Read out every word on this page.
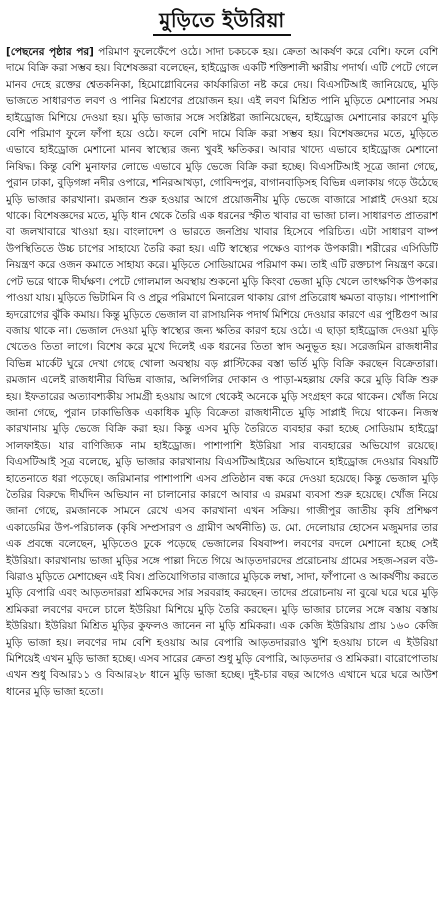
মুড়িতে ইউরিয়া

[পেছনের পৃষ্ঠার পর] পরিমাণ ফুলেফেঁপে ওঠে। সাদা চকচকে হয়। ক্রেতা আকর্ষণ করে বেশি। ফলে বেশি দামে বিক্রি করা সম্ভব হয়। বিশেষজ্ঞরা বলেছেন, হাইড্রোজ একটি শক্তিশালী ক্ষারীয় পদার্থ। এটি পেটে গেলে মানব দেহে রক্তের শ্বেতকনিকা, হিমোগ্লোবিনের কার্যকারিতা নষ্ট করে দেয়। বিএসটিআই জানিয়েছে, মুড়ি ভাজতে সাধারণত লবণ ও পানির মিশ্রণের প্রয়োজন হয়। এই লবণ মিশ্রিত পানি মুড়িতে মেশানোর সময় হাইড্রোজ মিশিয়ে দেওয়া হয়। মুড়ি ভাজার সঙ্গে সংশ্লিষ্টরা জানিয়েছেন, হাইড্রোজ মেশানোর কারণে মুড়ি বেশি পরিমাণ ফুলে ফাঁপা হয়ে ওঠে। ফলে বেশি দামে বিক্রি করা সম্ভব হয়। বিশেষজ্ঞদের মতে, মুড়িতে এভাবে হাইড্রোজ মেশানো মানব স্বাস্থ্যের জন্য খুবই ক্ষতিকর। আবার খাদ্যে এভাবে হাইড্রোজ মেশানো নিষিদ্ধ। কিন্তু বেশি মুনাফার লোভে এভাবে মুড়ি ভেজে বিক্রি করা হচ্ছে। বিএসটিআই সূত্রে জানা গেছে, পুরান ঢাকা, বুড়িগঙ্গা নদীর ওপারে, শনিরআখড়া, গোবিন্দপুর, বাগানবাড়িসহ বিভিন্ন এলাকায় গড়ে উঠেছে মুড়ি ভাজার কারখানা। রমজান শুরু হওয়ার আগে প্রয়োজনীয় মুড়ি ভেজে বাজারে সাপ্লাই দেওয়া হয়ে থাকে। বিশেষজ্ঞদের মতে, মুড়ি ধান থেকে তৈরি এক ধরনের স্ফীত খাবার বা ভাজা চাল। সাধারণত প্রাতরাশ বা জলখাবারে খাওয়া হয়। বাংলাদেশ ও ভারতে জনপ্রিয় খাবার হিসেবে পরিচিত। এটা সাধারণ বাষ্প উপস্থিতিতে উচ্চ চাপের সাহায্যে তৈরি করা হয়। এটি স্বাস্থ্যের পক্ষেও ব্যাপক উপকারী। শরীরের এসিডিটি নিয়ন্ত্রণ করে ওজন কমাতে সাহায্য করে। মুড়িতে সোডিয়ামের পরিমাণ কম। তাই এটি রক্তচাপ নিয়ন্ত্রণ করে। পেট ভরে থাকে দীর্ঘক্ষণ। পেটে গোলমাল অবস্থায় শুকনো মুড়ি কিংবা ভেজা মুড়ি খেলে তাৎক্ষণিক উপকার পাওয়া যায়। মুড়িতে ভিটামিন বি ও প্রচুর পরিমাণে মিনারেল থাকায় রোগ প্রতিরোধ ক্ষমতা বাড়ায়। পাশাপাশি হৃদরোগের ঝুঁকি কমায়। কিন্তু মুড়িতে ভেজাল বা রাসায়নিক পদার্থ মিশিয়ে দেওয়ার কারণে এর পুষ্টিগুণ আর বজায় থাকে না। ভেজাল দেওয়া মুড়ি স্বাস্থ্যের জন্য ক্ষতির কারণ হয়ে ওঠে। এ ছাড়া হাইড্রোজ দেওয়া মুড়ি খেতেও তিতা লাগে। বিশেষ করে মুখে দিলেই এক ধরনের তিতা স্বাদ অনুভূত হয়। সরেজমিন রাজধানীর বিভিন্ন মার্কেট ঘুরে দেখা গেছে খোলা অবস্থায় বড় প্লাস্টিকের বস্তা ভর্তি মুড়ি বিক্রি করছেন বিক্রেতারা। রমজান এলেই রাজধানীর বিভিন্ন বাজার, অলিগলির দোকান ও পাড়া-মহল্লায় ফেরি করে মুড়ি বিক্রি শুরু হয়। ইফতারের অত্যাবশ্যকীয় সামগ্রী হওয়ায় আগে থেকেই অনেকে মুড়ি সংগ্রহণ করে থাকেন। খোঁজ নিয়ে জানা গেছে, পুরান ঢাকাভিত্তিক একাধিক মুড়ি বিক্রেতা রাজধানীতে মুড়ি সাপ্লাই দিয়ে থাকেন। নিজস্ব কারখানায় মুড়ি ভেজে বিক্রি করা হয়। কিন্তু এসব মুড়ি তৈরিতে ব্যবহার করা হচ্ছে সোডিয়াম হাইড্রো সালফাইড। যার বাণিজ্যিক নাম হাইড্রোজ। পাশাপাশি ইউরিয়া সার ব্যবহারের অভিযোগ রয়েছে। বিএসটিআই সূত্র বলেছে, মুড়ি ভাজার কারখানায় বিএসটিআইয়ের অভিযানে হাইড্রোজ দেওয়ার বিষয়টি হাতেনাতে ধরা পড়েছে। জরিমানার পাশাপাশি এসব প্রতিষ্ঠান বন্ধ করে দেওয়া হয়েছে। কিন্তু ভেজাল মুড়ি তৈরির বিরুদ্ধে দীর্ঘদিন অভিযান না চালানোর কারণে আবার এ রমরমা ব্যবসা শুরু হয়েছে। খোঁজ নিয়ে জানা গেছে, রমজানকে সামনে রেখে এসব কারখানা এখন সক্রিয়। গাজীপুর জাতীয় কৃষি প্রশিক্ষণ একাডেমির উপ-পরিচালক (কৃষি সম্প্রসারণ ও গ্রামীণ অর্থনীতি) ড. মো. দেলোয়ার হোসেন মজুমদার তার এক প্রবন্ধে বলেছেন, মুড়িতেও ঢুকে পড়েছে ভেজালের বিষবাষ্প। লবণের বদলে মেশানো হচ্ছে সেই ইউরিয়া। কারখানায় ভাজা মুড়ির সঙ্গে পাল্লা দিতে গিয়ে আড়তদারদের প্ররোচনায় গ্রামের সহজ-সরল বউ-ঝিরাও মুড়িতে মেশাচ্ছেন এই বিষ। প্রতিযোগিতার বাজারে মুড়িকে লম্বা, সাদা, ফাঁপানো ও আকর্ষণীয় করতে মুড়ি বেপারি এবং আড়তদাররা শ্রমিকদের সার সরবরাহ করছেন। তাদের প্ররোচনায় না বুঝে ঘরে ঘরে মুড়ি শ্রমিকরা লবণের বদলে চালে ইউরিয়া মিশিয়ে মুড়ি তৈরি করছেন। মুড়ি ভাজার চালের সঙ্গে বস্তায় বস্তায় ইউরিয়া। ইউরিয়া মিশ্রিত মুড়ির কুফলও জানেন না মুড়ি শ্রমিকরা। এক কেজি ইউরিয়ায় প্রায় ১৬০ কেজি মুড়ি ভাজা হয়। লবণের দাম বেশি হওয়ায় আর বেপারি আড়তদাররাও খুশি হওয়ায় চালে এ ইউরিয়া মিশিয়েই এখন মুড়ি ভাজা হচ্ছে। এসব সারের ক্রেতা শুধু মুড়ি বেপারি, আড়তদার ও শ্রমিকরা। বারোপোতায় এখন শুধু বিআর১১ ও বিআর২৮ ধানে মুড়ি ভাজা হচ্ছে। দুই-চার বছর আগেও এখানে ঘরে ঘরে আউশ ধানের মুড়ি ভাজা হতো।
